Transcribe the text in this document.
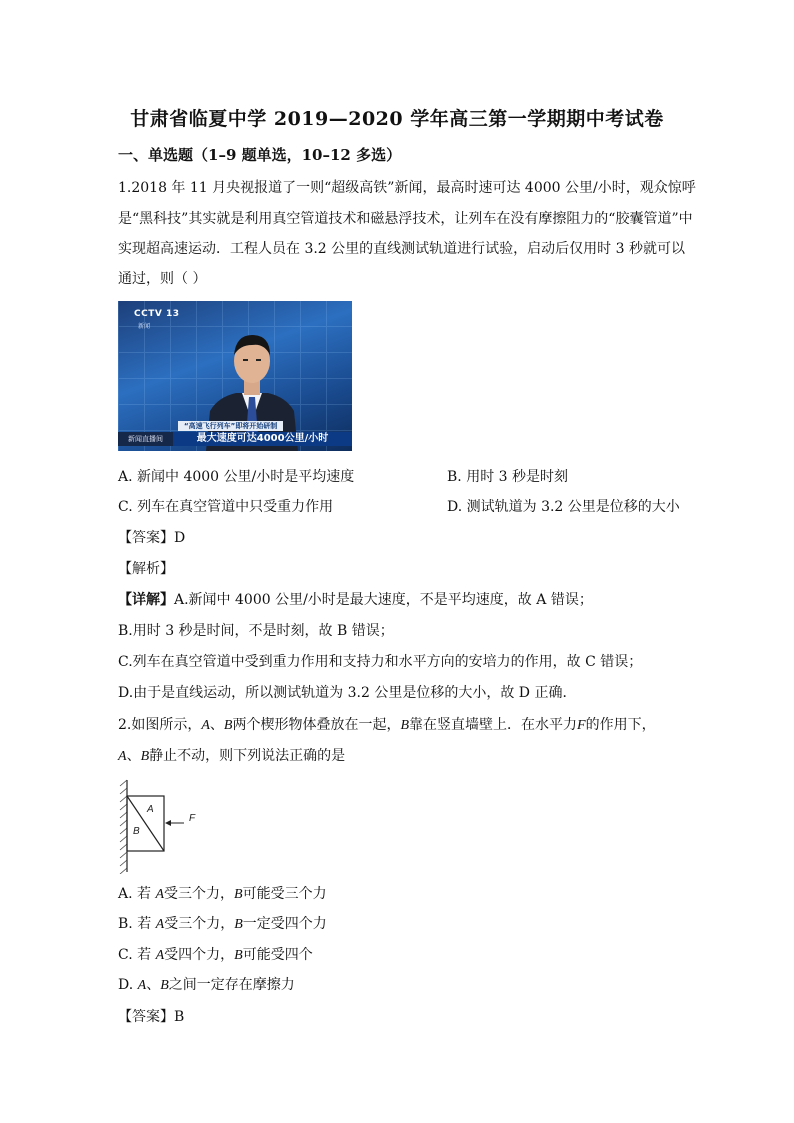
甘肃省临夏中学 2019—2020 学年高三第一学期期中考试卷
一、单选题（1–9 题单选，10–12 多选）
1.2018 年 11 月央视报道了一则“超级高铁”新闻，最高时速可达 4000 公里/小时，观众惊呼
是“黑科技”其实就是利用真空管道技术和磁悬浮技术，让列车在没有摩擦阻力的“胶囊管道”中
实现超高速运动．工程人员在 3.2 公里的直线测试轨道进行试验，启动后仅用时 3 秒就可以
通过，则（ ）
CCTV 13
新闻
“高速飞行列车”即将开始研制
新闻直播间	最大速度可达4000公里/小时
A. 新闻中 4000 公里/小时是平均速度	B. 用时 3 秒是时刻
C. 列车在真空管道中只受重力作用	D. 测试轨道为 3.2 公里是位移的大小
【答案】D
【解析】
【详解】A.新闻中 4000 公里/小时是最大速度，不是平均速度，故 A 错误；
B.用时 3 秒是时间，不是时刻，故 B 错误；
C.列车在真空管道中受到重力作用和支持力和水平方向的安培力的作用，故 C 错误；
D.由于是直线运动，所以测试轨道为 3.2 公里是位移的大小，故 D 正确．
2.如图所示，A、B两个楔形物体叠放在一起，B靠在竖直墙壁上．在水平力F的作用下，
A、B静止不动，则下列说法正确的是
A
B
F
A. 若 A受三个力，B可能受三个力
B. 若 A受三个力，B一定受四个力
C. 若 A受四个力，B可能受四个
D. A、B之间一定存在摩擦力
【答案】B
